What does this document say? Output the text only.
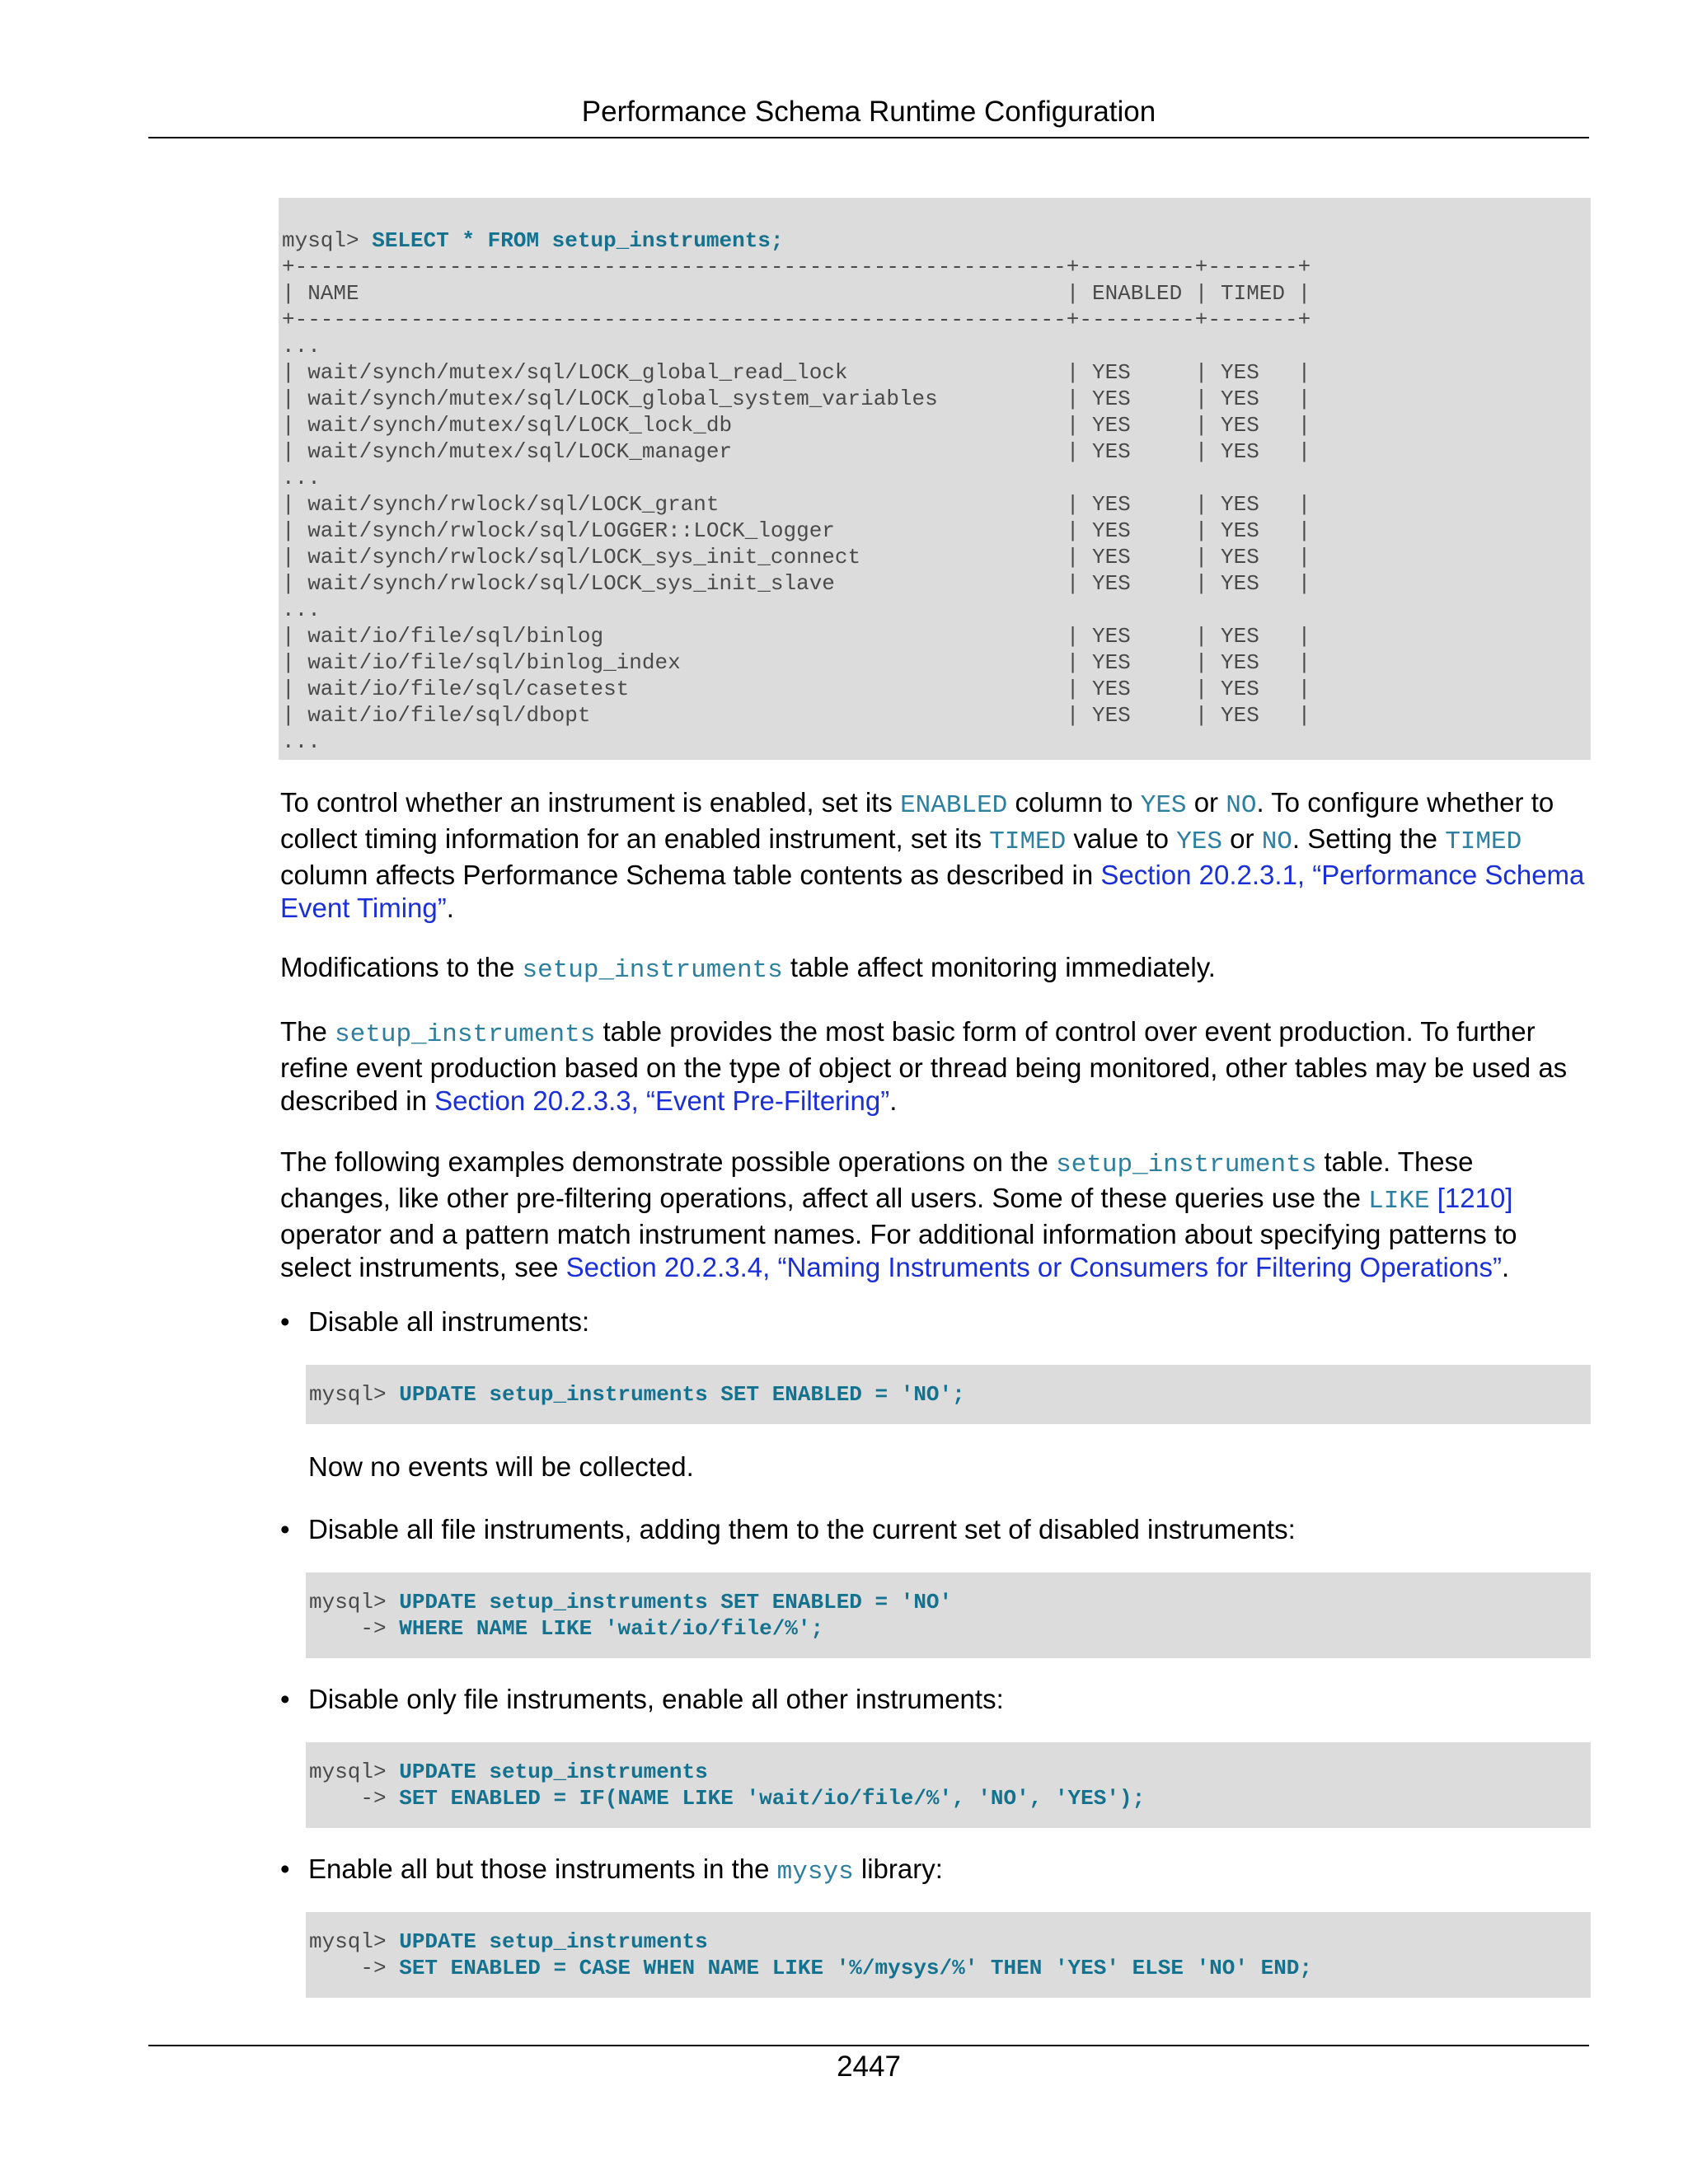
Performance Schema Runtime Configuration
mysql> SELECT * FROM setup_instruments;
+------------------------------------------------------------+---------+-------+
| NAME                                                       | ENABLED | TIMED |
+------------------------------------------------------------+---------+-------+
...
| wait/synch/mutex/sql/LOCK_global_read_lock                 | YES     | YES   |
| wait/synch/mutex/sql/LOCK_global_system_variables          | YES     | YES   |
| wait/synch/mutex/sql/LOCK_lock_db                          | YES     | YES   |
| wait/synch/mutex/sql/LOCK_manager                          | YES     | YES   |
...
| wait/synch/rwlock/sql/LOCK_grant                           | YES     | YES   |
| wait/synch/rwlock/sql/LOGGER::LOCK_logger                  | YES     | YES   |
| wait/synch/rwlock/sql/LOCK_sys_init_connect                | YES     | YES   |
| wait/synch/rwlock/sql/LOCK_sys_init_slave                  | YES     | YES   |
...
| wait/io/file/sql/binlog                                    | YES     | YES   |
| wait/io/file/sql/binlog_index                              | YES     | YES   |
| wait/io/file/sql/casetest                                  | YES     | YES   |
| wait/io/file/sql/dbopt                                     | YES     | YES   |
...
To control whether an instrument is enabled, set its ENABLED column to YES or NO. To configure whether to collect timing information for an enabled instrument, set its TIMED value to YES or NO. Setting the TIMED column affects Performance Schema table contents as described in Section 20.2.3.1, “Performance Schema Event Timing”.
Modifications to the setup_instruments table affect monitoring immediately.
The setup_instruments table provides the most basic form of control over event production. To further refine event production based on the type of object or thread being monitored, other tables may be used as described in Section 20.2.3.3, “Event Pre-Filtering”.
The following examples demonstrate possible operations on the setup_instruments table. These changes, like other pre-filtering operations, affect all users. Some of these queries use the LIKE [1210] operator and a pattern match instrument names. For additional information about specifying patterns to select instruments, see Section 20.2.3.4, “Naming Instruments or Consumers for Filtering Operations”.
• Disable all instruments:
mysql> UPDATE setup_instruments SET ENABLED = 'NO';
Now no events will be collected.
• Disable all file instruments, adding them to the current set of disabled instruments:
mysql> UPDATE setup_instruments SET ENABLED = 'NO'
-> WHERE NAME LIKE 'wait/io/file/%';
• Disable only file instruments, enable all other instruments:
mysql> UPDATE setup_instruments
-> SET ENABLED = IF(NAME LIKE 'wait/io/file/%', 'NO', 'YES');
• Enable all but those instruments in the mysys library:
mysql> UPDATE setup_instruments
-> SET ENABLED = CASE WHEN NAME LIKE '%/mysys/%' THEN 'YES' ELSE 'NO' END;
2447
